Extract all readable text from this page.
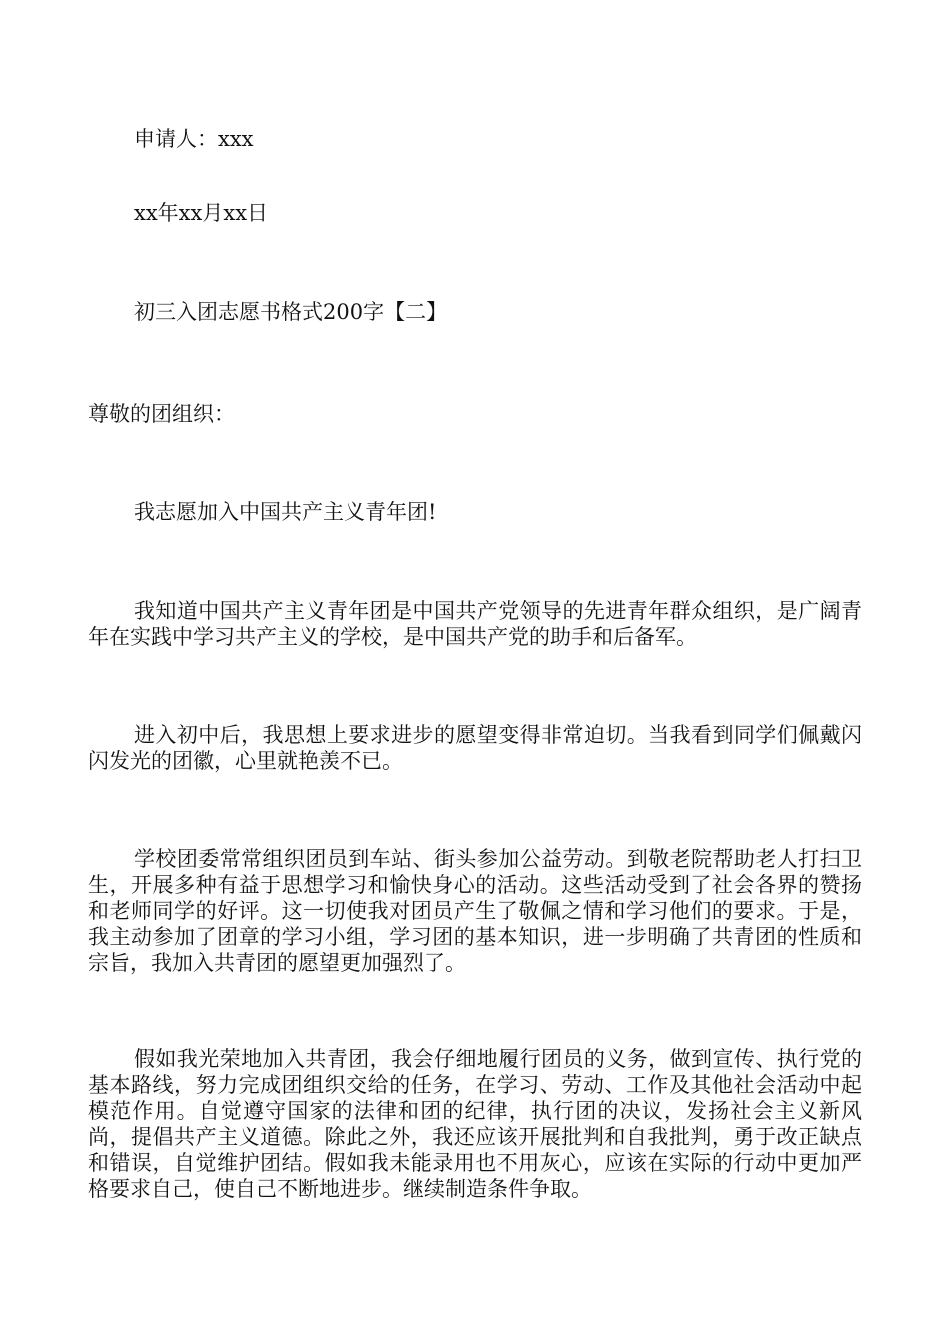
申请人：xxx
xx年xx月xx日
初三入团志愿书格式200字【二】
尊敬的团组织：
我志愿加入中国共产主义青年团!
我知道中国共产主义青年团是中国共产党领导的先进青年群众组织，是广阔青年在实践中学习共产主义的学校，是中国共产党的助手和后备军。
进入初中后，我思想上要求进步的愿望变得非常迫切。当我看到同学们佩戴闪闪发光的团徽，心里就艳羡不已。
学校团委常常组织团员到车站、街头参加公益劳动。到敬老院帮助老人打扫卫生，开展多种有益于思想学习和愉快身心的活动。这些活动受到了社会各界的赞扬和老师同学的好评。这一切使我对团员产生了敬佩之情和学习他们的要求。于是，我主动参加了团章的学习小组，学习团的基本知识，进一步明确了共青团的性质和宗旨，我加入共青团的愿望更加强烈了。
假如我光荣地加入共青团，我会仔细地履行团员的义务，做到宣传、执行党的基本路线，努力完成团组织交给的任务，在学习、劳动、工作及其他社会活动中起模范作用。自觉遵守国家的法律和团的纪律，执行团的决议，发扬社会主义新风尚，提倡共产主义道德。除此之外，我还应该开展批判和自我批判，勇于改正缺点和错误，自觉维护团结。假如我未能录用也不用灰心，应该在实际的行动中更加严格要求自己，使自己不断地进步。继续制造条件争取。
